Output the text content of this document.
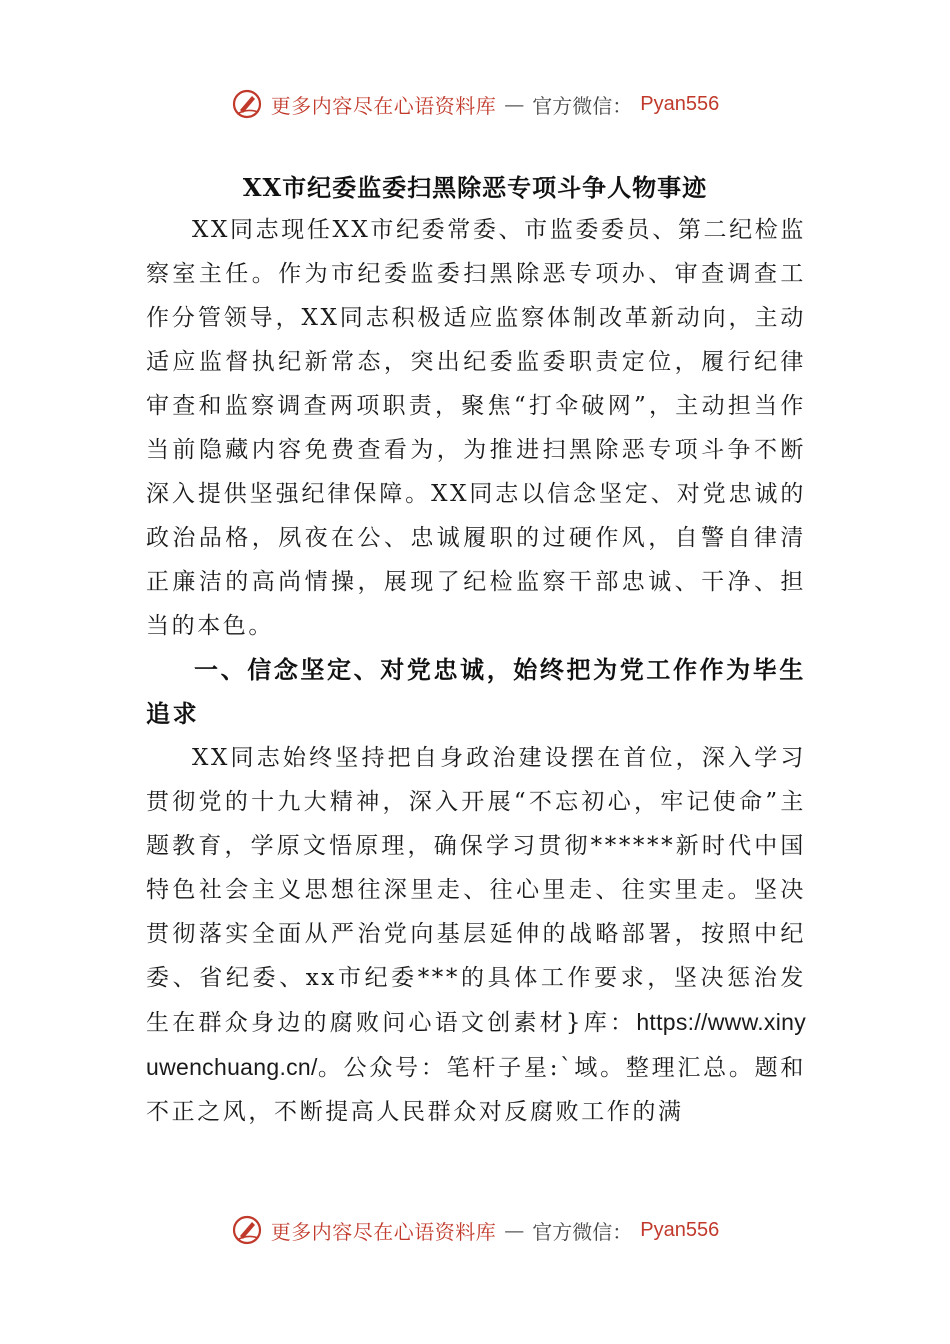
更多内容尽在心语资料库 — 官方微信： Pyan556
XX市纪委监委扫黑除恶专项斗争人物事迹

XX同志现任XX市纪委常委、市监委委员、第二纪检监察室主任。作为市纪委监委扫黑除恶专项办、审查调查工作分管领导，XX同志积极适应监察体制改革新动向，主动适应监督执纪新常态，突出纪委监委职责定位，履行纪律审查和监察调查两项职责，聚焦“打伞破网”，主动担当作当前隐藏内容免费查看为，为推进扫黑除恶专项斗争不断深入提供坚强纪律保障。XX同志以信念坚定、对党忠诚的政治品格，夙夜在公、忠诚履职的过硬作风，自警自律清正廉洁的高尚情操，展现了纪检监察干部忠诚、干净、担当的本色。

一、信念坚定、对党忠诚，始终把为党工作作为毕生追求

XX同志始终坚持把自身政治建设摆在首位，深入学习贯彻党的十九大精神，深入开展“不忘初心，牢记使命”主题教育，学原文悟原理，确保学习贯彻******新时代中国特色社会主义思想往深里走、往心里走、往实里走。坚决贯彻落实全面从严治党向基层延伸的战略部署，按照中纪委、省纪委、xx市纪委***的具体工作要求，坚决惩治发生在群众身边的腐败问心语文创素材}库：https://www.xinyuwenchuang.cn/。公众号：笔杆子星:`域。整理汇总。题和不正之风，不断提高人民群众对反腐败工作的满

更多内容尽在心语资料库 — 官方微信： Pyan556
